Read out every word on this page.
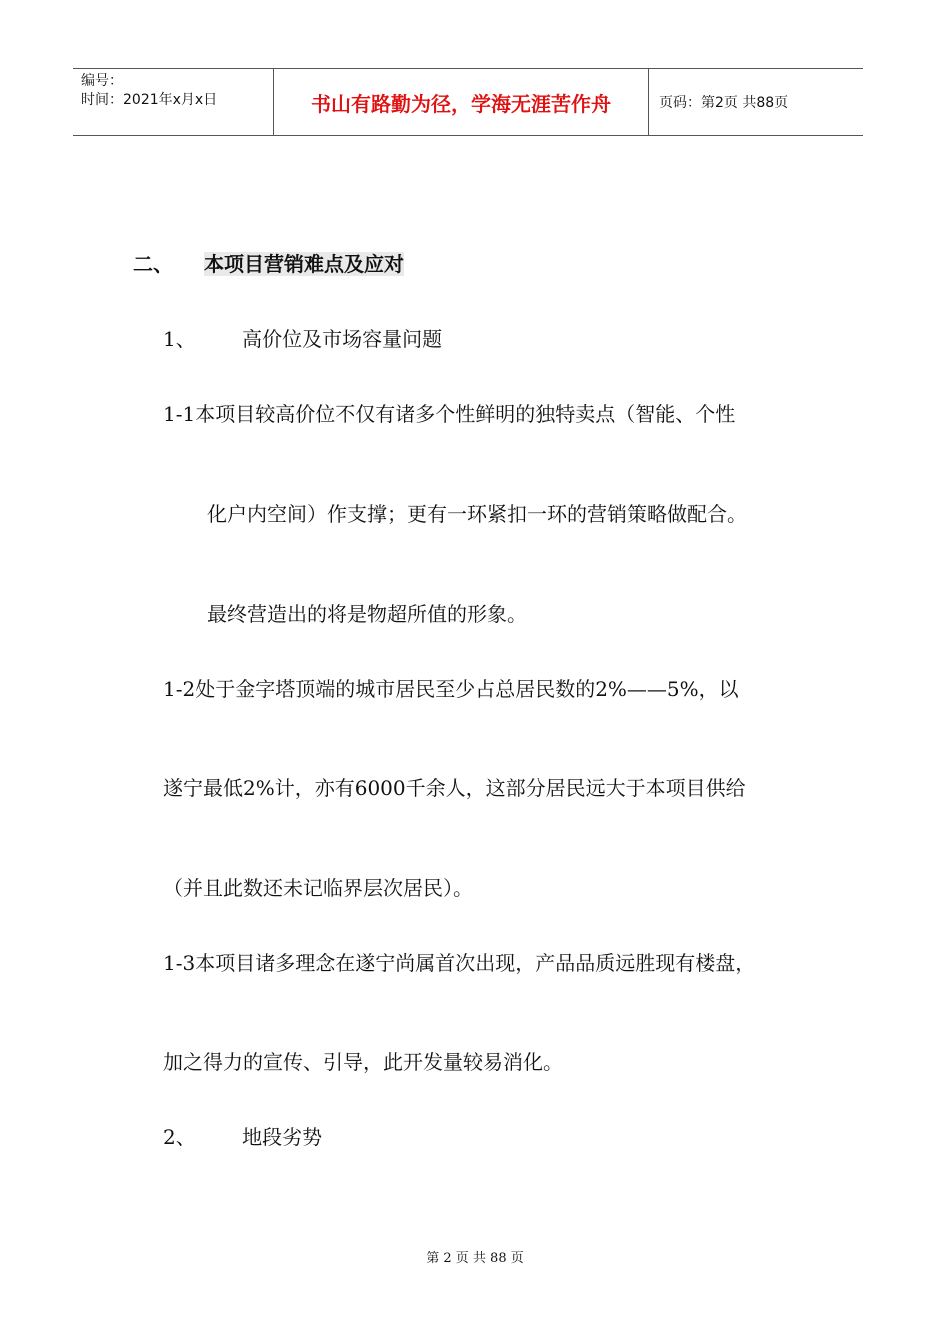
编号：
时间：2021年x月x日	书山有路勤为径，学海无涯苦作舟	页码：第2页 共88页
二、 本项目营销难点及应对
1、 高价位及市场容量问题
1-1本项目较高价位不仅有诸多个性鲜明的独特卖点（智能、个性
化户内空间）作支撑；更有一环紧扣一环的营销策略做配合。
最终营造出的将是物超所值的形象。
1-2处于金字塔顶端的城市居民至少占总居民数的2%——5%，以
遂宁最低2%计，亦有6000千余人，这部分居民远大于本项目供给
（并且此数还未记临界层次居民）。
1-3本项目诸多理念在遂宁尚属首次出现，产品品质远胜现有楼盘，
加之得力的宣传、引导，此开发量较易消化。
2、 地段劣势
第 2 页 共 88 页
